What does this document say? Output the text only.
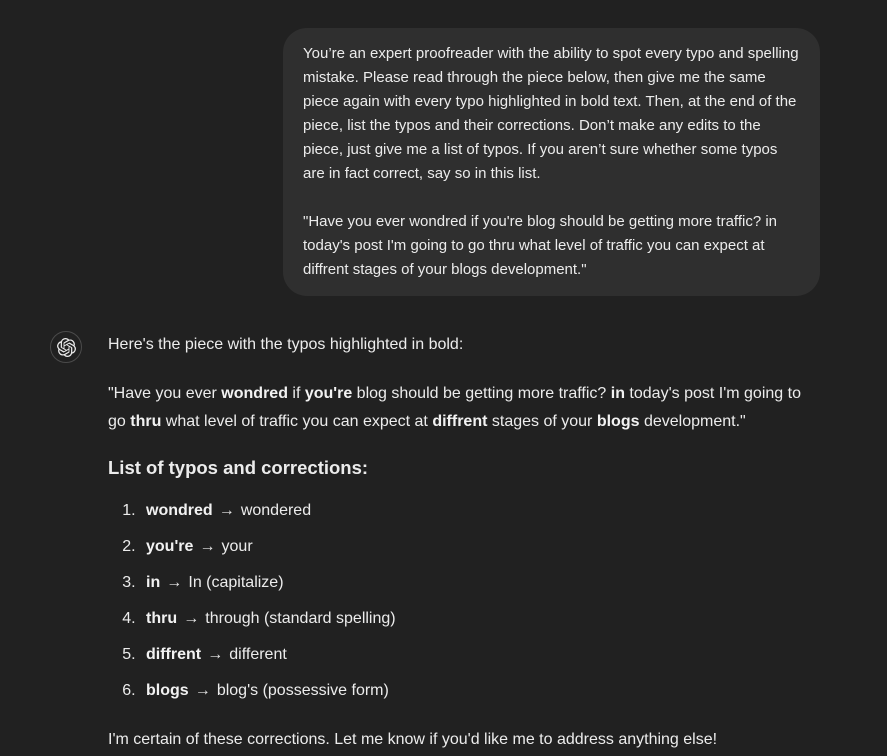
You’re an expert proofreader with the ability to spot every typo and spelling mistake. Please read through the piece below, then give me the same piece again with every typo highlighted in bold text. Then, at the end of the piece, list the typos and their corrections. Don’t make any edits to the piece, just give me a list of typos. If you aren’t sure whether some typos are in fact correct, say so in this list.

"Have you ever wondred if you're blog should be getting more traffic? in today's post I'm going to go thru what level of traffic you can expect at diffrent stages of your blogs development."

Here's the piece with the typos highlighted in bold:

"Have you ever wondred if you're blog should be getting more traffic? in today's post I'm going to go thru what level of traffic you can expect at diffrent stages of your blogs development."

List of typos and corrections:
1. wondred → wondered
2. you're → your
3. in → In (capitalize)
4. thru → through (standard spelling)
5. diffrent → different
6. blogs → blog's (possessive form)

I'm certain of these corrections. Let me know if you'd like me to address anything else!
